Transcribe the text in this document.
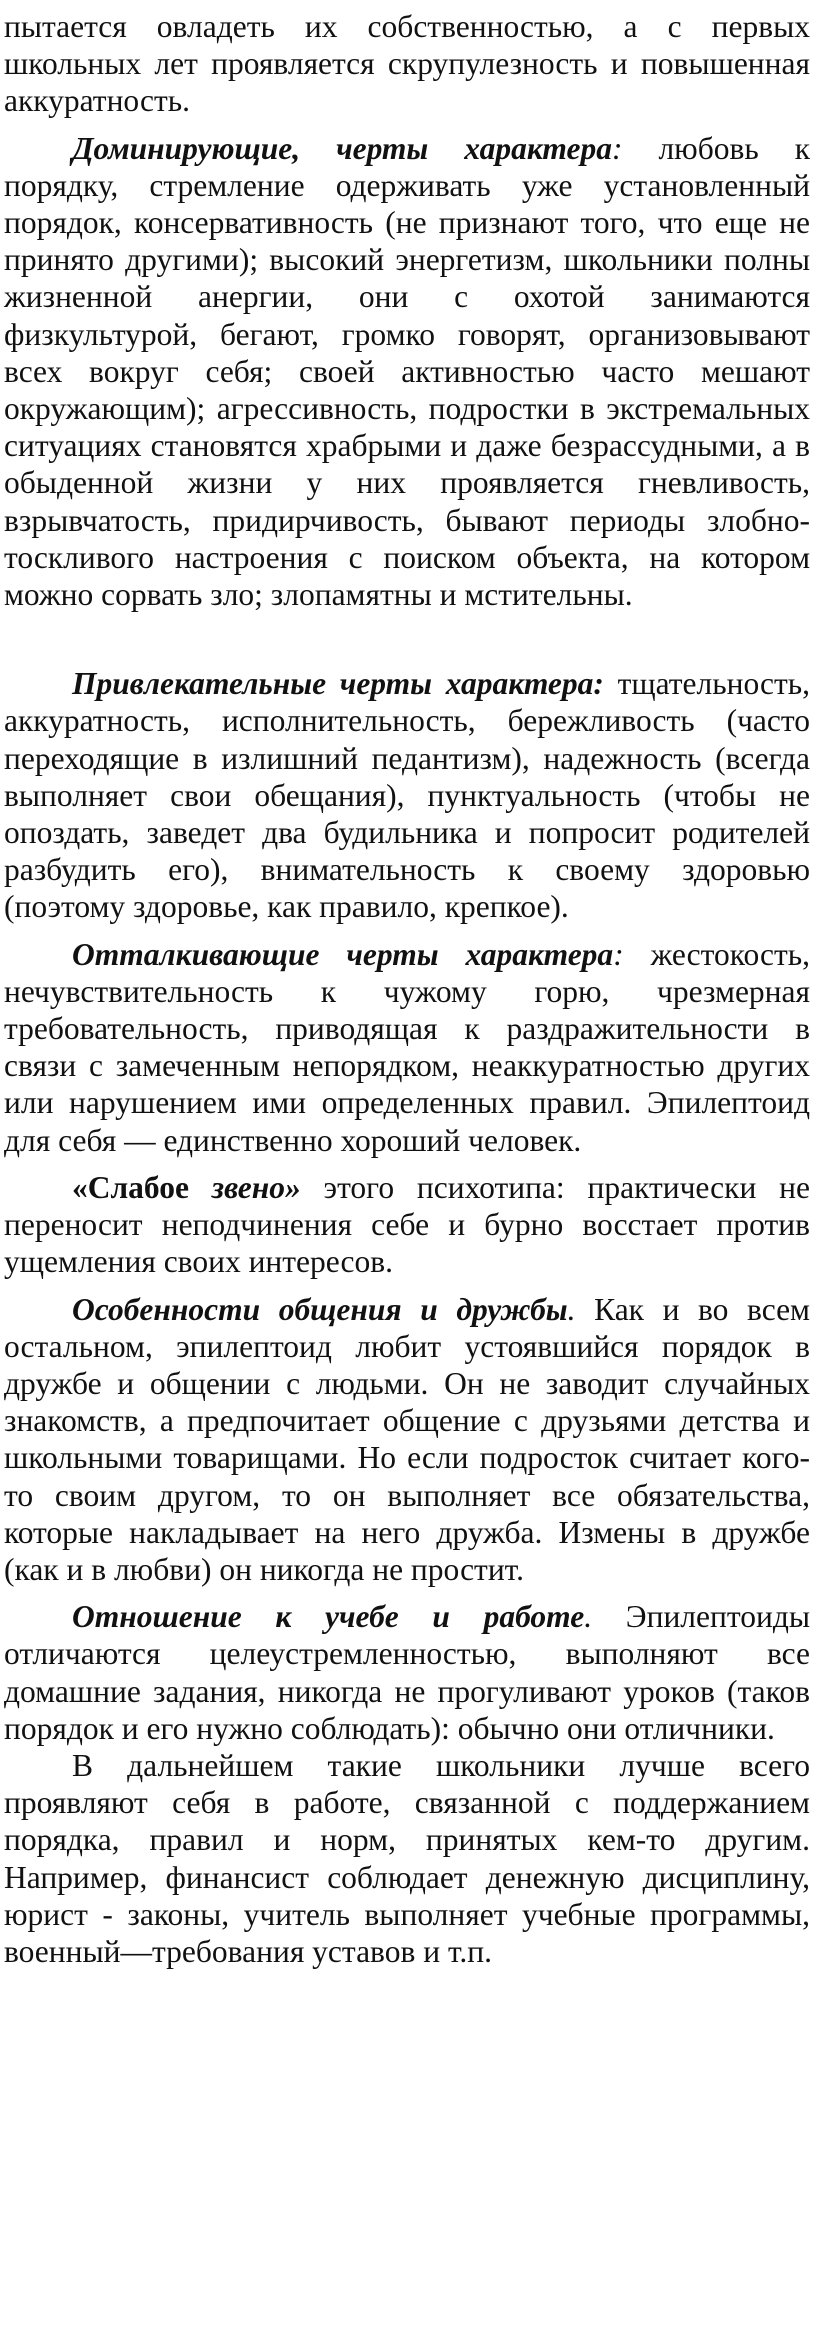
пытается овладеть их собственностью, а с первых школьных лет проявляется скрупулезность и повышенная аккуратность.

Доминирующие, черты характера: любовь к порядку, стремление одерживать уже установленный порядок, консервативность (не признают того, что еще не принято другими); высокий энергетизм, школьники полны жизненной анергии, они с охотой занимаются физкультурой, бегают, громко говорят, организовывают всех вокруг себя; своей активностью часто мешают окружающим); агрессивность, подростки в экстремальных ситуациях становятся храбрыми и даже безрассудными, а в обыденной жизни у них проявляется гневливость, взрывчатость, придирчивость, бывают периоды злобно-тоскливого настроения с поиском объекта, на котором можно сорвать зло; злопамятны и мстительны.

Привлекательные черты характера: тщательность, аккуратность, исполнительность, бережливость (часто переходящие в излишний педантизм), надежность (всегда выполняет свои обещания), пунктуальность (чтобы не опоздать, заведет два будильника и попросит родителей разбудить его), внимательность к своему здоровью (поэтому здоровье, как правило, крепкое).

Отталкивающие черты характера: жестокость, нечувствительность к чужому горю, чрезмерная требовательность, приводящая к раздражительности в связи с замеченным непорядком, неаккуратностью других или нарушением ими определенных правил. Эпилептоид для себя — единственно хороший человек.

«Слабое звено» этого психотипа: практически не переносит неподчинения себе и бурно восстает против ущемления своих интересов.

Особенности общения и дружбы. Как и во всем остальном, эпилептоид любит устоявшийся порядок в дружбе и общении с людьми. Он не заводит случайных знакомств, а предпочитает общение с друзьями детства и школьными товарищами. Но если подросток считает кого-то своим другом, то он выполняет все обязательства, которые накладывает на него дружба. Измены в дружбе (как и в любви) он никогда не простит.

Отношение к учебе и работе. Эпилептоиды отличаются целеустремленностью, выполняют все домашние задания, никогда не прогуливают уроков (таков порядок и его нужно соблюдать): обычно они отличники.

В дальнейшем такие школьники лучше всего проявляют себя в работе, связанной с поддержанием порядка, правил и норм, принятых кем-то другим. Например, финансист соблюдает денежную дисциплину, юрист - законы, учитель выполняет учебные программы, военный—требования уставов и т.п.
